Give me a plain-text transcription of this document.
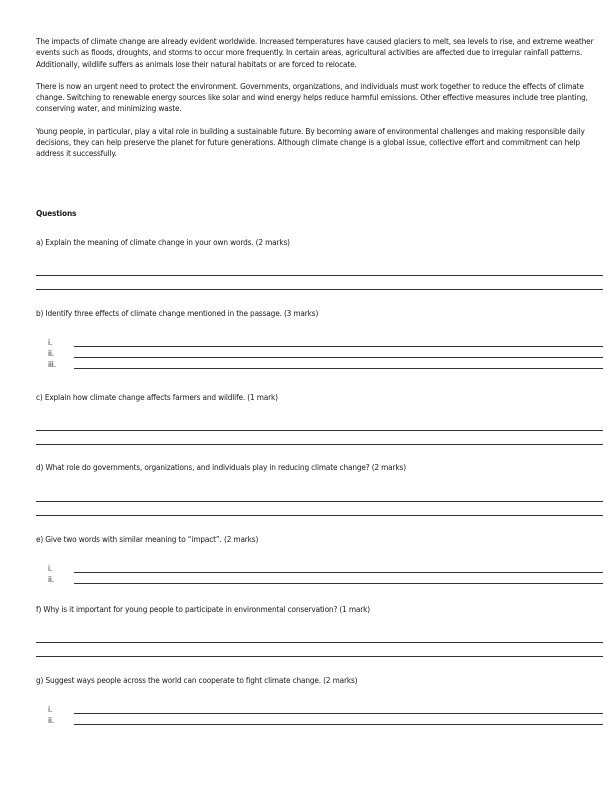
The impacts of climate change are already evident worldwide. Increased temperatures have caused glaciers to melt, sea levels to rise, and extreme weather events such as floods, droughts, and storms to occur more frequently. In certain areas, agricultural activities are affected due to irregular rainfall patterns. Additionally, wildlife suffers as animals lose their natural habitats or are forced to relocate.

There is now an urgent need to protect the environment. Governments, organizations, and individuals must work together to reduce the effects of climate change. Switching to renewable energy sources like solar and wind energy helps reduce harmful emissions. Other effective measures include tree planting, conserving water, and minimizing waste.

Young people, in particular, play a vital role in building a sustainable future. By becoming aware of environmental challenges and making responsible daily decisions, they can help preserve the planet for future generations. Although climate change is a global issue, collective effort and commitment can help address it successfully.

Questions
a) Explain the meaning of climate change in your own words. (2 marks)
b) Identify three effects of climate change mentioned in the passage. (3 marks)
i.
ii.
iii.
c) Explain how climate change affects farmers and wildlife. (1 mark)
d) What role do governments, organizations, and individuals play in reducing climate change? (2 marks)
e) Give two words with similar meaning to “impact”. (2 marks)
i.
ii.
f) Why is it important for young people to participate in environmental conservation? (1 mark)
g) Suggest ways people across the world can cooperate to fight climate change. (2 marks)
i.
ii.
